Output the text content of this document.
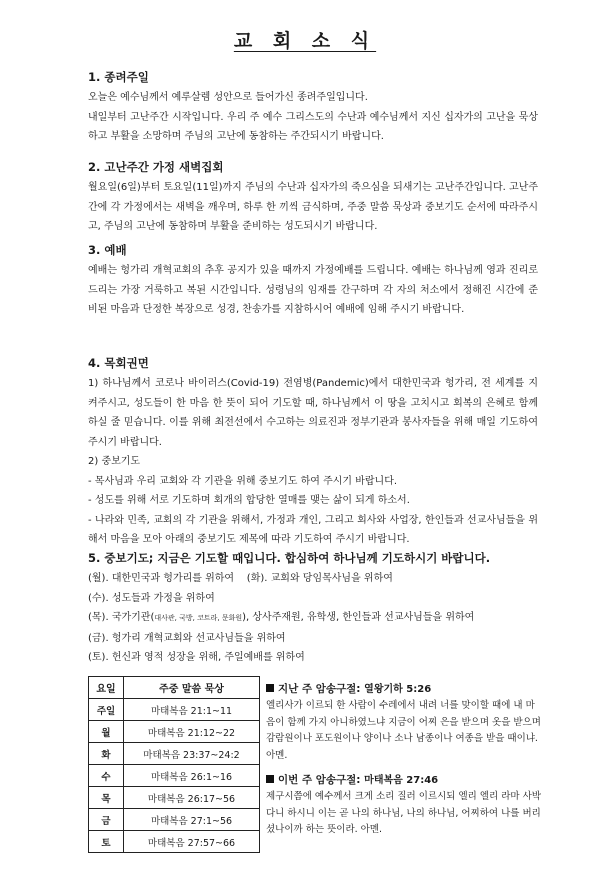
교 회 소 식
1. 종려주일
오늘은 예수님께서 예루살렘 성안으로 들어가신 종려주일입니다.
내일부터 고난주간 시작입니다. 우리 주 예수 그리스도의 수난과 예수님께서 지신 십자가의 고난을 묵상하고 부활을 소망하며 주님의 고난에 동참하는 주간되시기 바랍니다.
2. 고난주간 가정 새벽집회
월요일(6일)부터 토요일(11일)까지 주님의 수난과 십자가의 죽으심을 되새기는 고난주간입니다. 고난주간에 각 가정에서는 새벽을 깨우며, 하루 한 끼씩 금식하며, 주중 말씀 묵상과 중보기도 순서에 따라주시고, 주님의 고난에 동참하며 부활을 준비하는 성도되시기 바랍니다.
3. 예배
예배는 헝가리 개혁교회의 추후 공지가 있을 때까지 가정예배를 드립니다. 예배는 하나님께 영과 진리로 드리는 가장 거룩하고 복된 시간입니다. 성령님의 임재를 간구하며 각 자의 처소에서 정해진 시간에 준비된 마음과 단정한 복장으로 성경, 찬송가를 지참하시어 예배에 임해 주시기 바랍니다.
4. 목회권면
1) 하나님께서 코로나 바이러스(Covid-19) 전염병(Pandemic)에서 대한민국과 헝가리, 전 세계를 지켜주시고, 성도들이 한 마음 한 뜻이 되어 기도할 때, 하나님께서 이 땅을 고치시고 회복의 은혜로 함께 하실 줄 믿습니다. 이를 위해 최전선에서 수고하는 의료진과 정부기관과 봉사자들을 위해 매일 기도하여 주시기 바랍니다.
2) 중보기도
- 목사님과 우리 교회와 각 기관을 위해 중보기도 하여 주시기 바랍니다.
- 성도를 위해 서로 기도하며 회개의 합당한 열매를 맺는 삶이 되게 하소서.
- 나라와 민족, 교회의 각 기관을 위해서, 가정과 개인, 그리고 회사와 사업장, 한인들과 선교사님들을 위해서 마음을 모아 아래의 중보기도 제목에 따라 기도하여 주시기 바랍니다.
5. 중보기도; 지금은 기도할 때입니다. 합심하여 하나님께 기도하시기 바랍니다.
(월). 대한민국과 헝가리를 위하여    (화). 교회와 당임목사님을 위하여
(수). 성도들과 가정을 위하여
(목). 국가기관(대사관, 국방, 코트라, 문화원), 상사주재원, 유학생, 한인들과 선교사님들을 위하여
(금). 헝가리 개혁교회와 선교사님들을 위하여
(토). 헌신과 영적 성장을 위해, 주일예배를 위하여
요일	주중 말씀 묵상
주일	마태복음 21:1~11
월	마태복음 21:12~22
화	마태복음 23:37~24:2
수	마태복음 26:1~16
목	마태복음 26:17~56
금	마태복음 27:1~56
토	마태복음 27:57~66
지난 주 암송구절: 열왕기하 5:26
엘리사가 이르되 한 사람이 수레에서 내려 너를 맞이할 때에 내 마음이 함께 가지 아니하였느냐 지금이 어찌 은을 받으며 옷을 받으며 감람원이나 포도원이나 양이나 소나 남종이나 여종을 받을 때이냐. 아멘.
이번 주 암송구절: 마태복음 27:46
제구시쯤에 예수께서 크게 소리 질러 이르시되 엘리 엘리 라마 사박다니 하시니 이는 곧 나의 하나님, 나의 하나님, 어찌하여 나를 버리셨나이까 하는 뜻이라. 아멘.
